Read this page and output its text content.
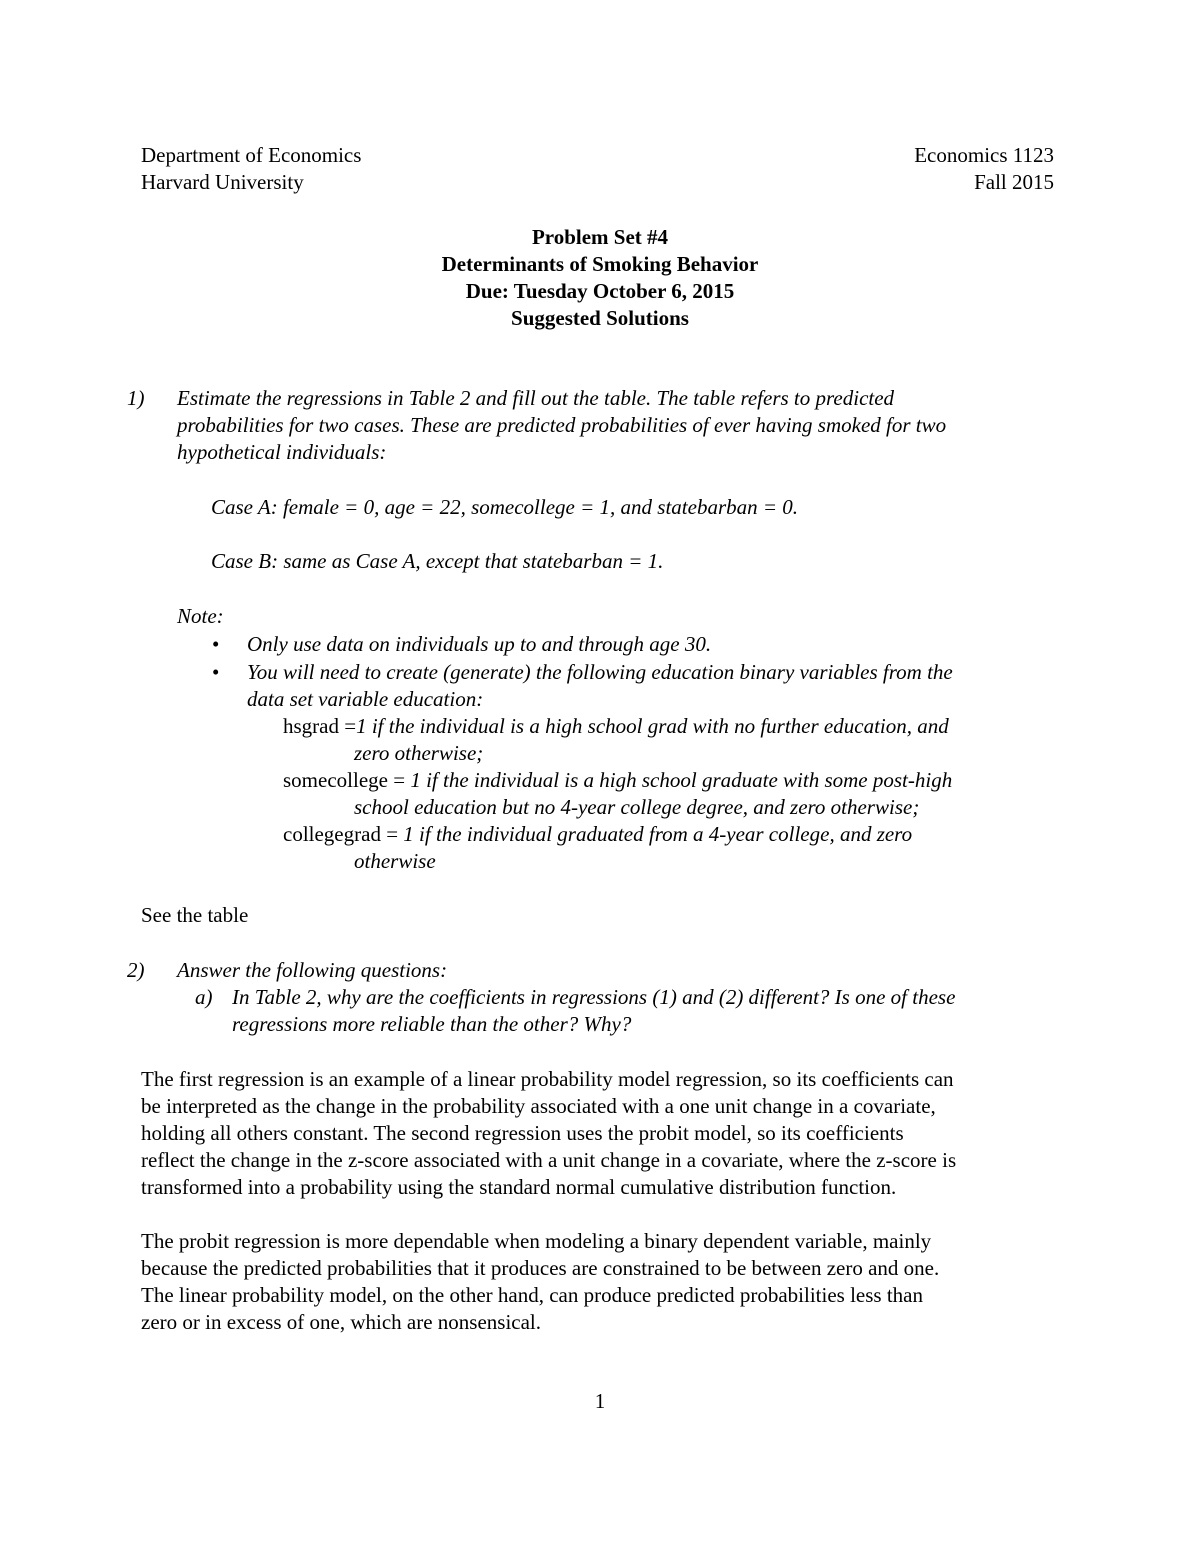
Department of Economics	Economics 1123
Harvard University	Fall 2015
Problem Set #4
Determinants of Smoking Behavior
Due: Tuesday October 6, 2015
Suggested Solutions
1) Estimate the regressions in Table 2 and fill out the table. The table refers to predicted
probabilities for two cases. These are predicted probabilities of ever having smoked for two
hypothetical individuals:
Case A: female = 0, age = 22, somecollege = 1, and statebarban = 0.
Case B: same as Case A, except that statebarban = 1.
Note:
• Only use data on individuals up to and through age 30.
• You will need to create (generate) the following education binary variables from the
data set variable education:
hsgrad =1 if the individual is a high school grad with no further education, and
zero otherwise;
somecollege = 1 if the individual is a high school graduate with some post-high
school education but no 4-year college degree, and zero otherwise;
collegegrad = 1 if the individual graduated from a 4-year college, and zero
otherwise
See the table
2) Answer the following questions:
a) In Table 2, why are the coefficients in regressions (1) and (2) different? Is one of these
regressions more reliable than the other? Why?
The first regression is an example of a linear probability model regression, so its coefficients can
be interpreted as the change in the probability associated with a one unit change in a covariate,
holding all others constant. The second regression uses the probit model, so its coefficients
reflect the change in the z-score associated with a unit change in a covariate, where the z-score is
transformed into a probability using the standard normal cumulative distribution function.
The probit regression is more dependable when modeling a binary dependent variable, mainly
because the predicted probabilities that it produces are constrained to be between zero and one.
The linear probability model, on the other hand, can produce predicted probabilities less than
zero or in excess of one, which are nonsensical.
1
